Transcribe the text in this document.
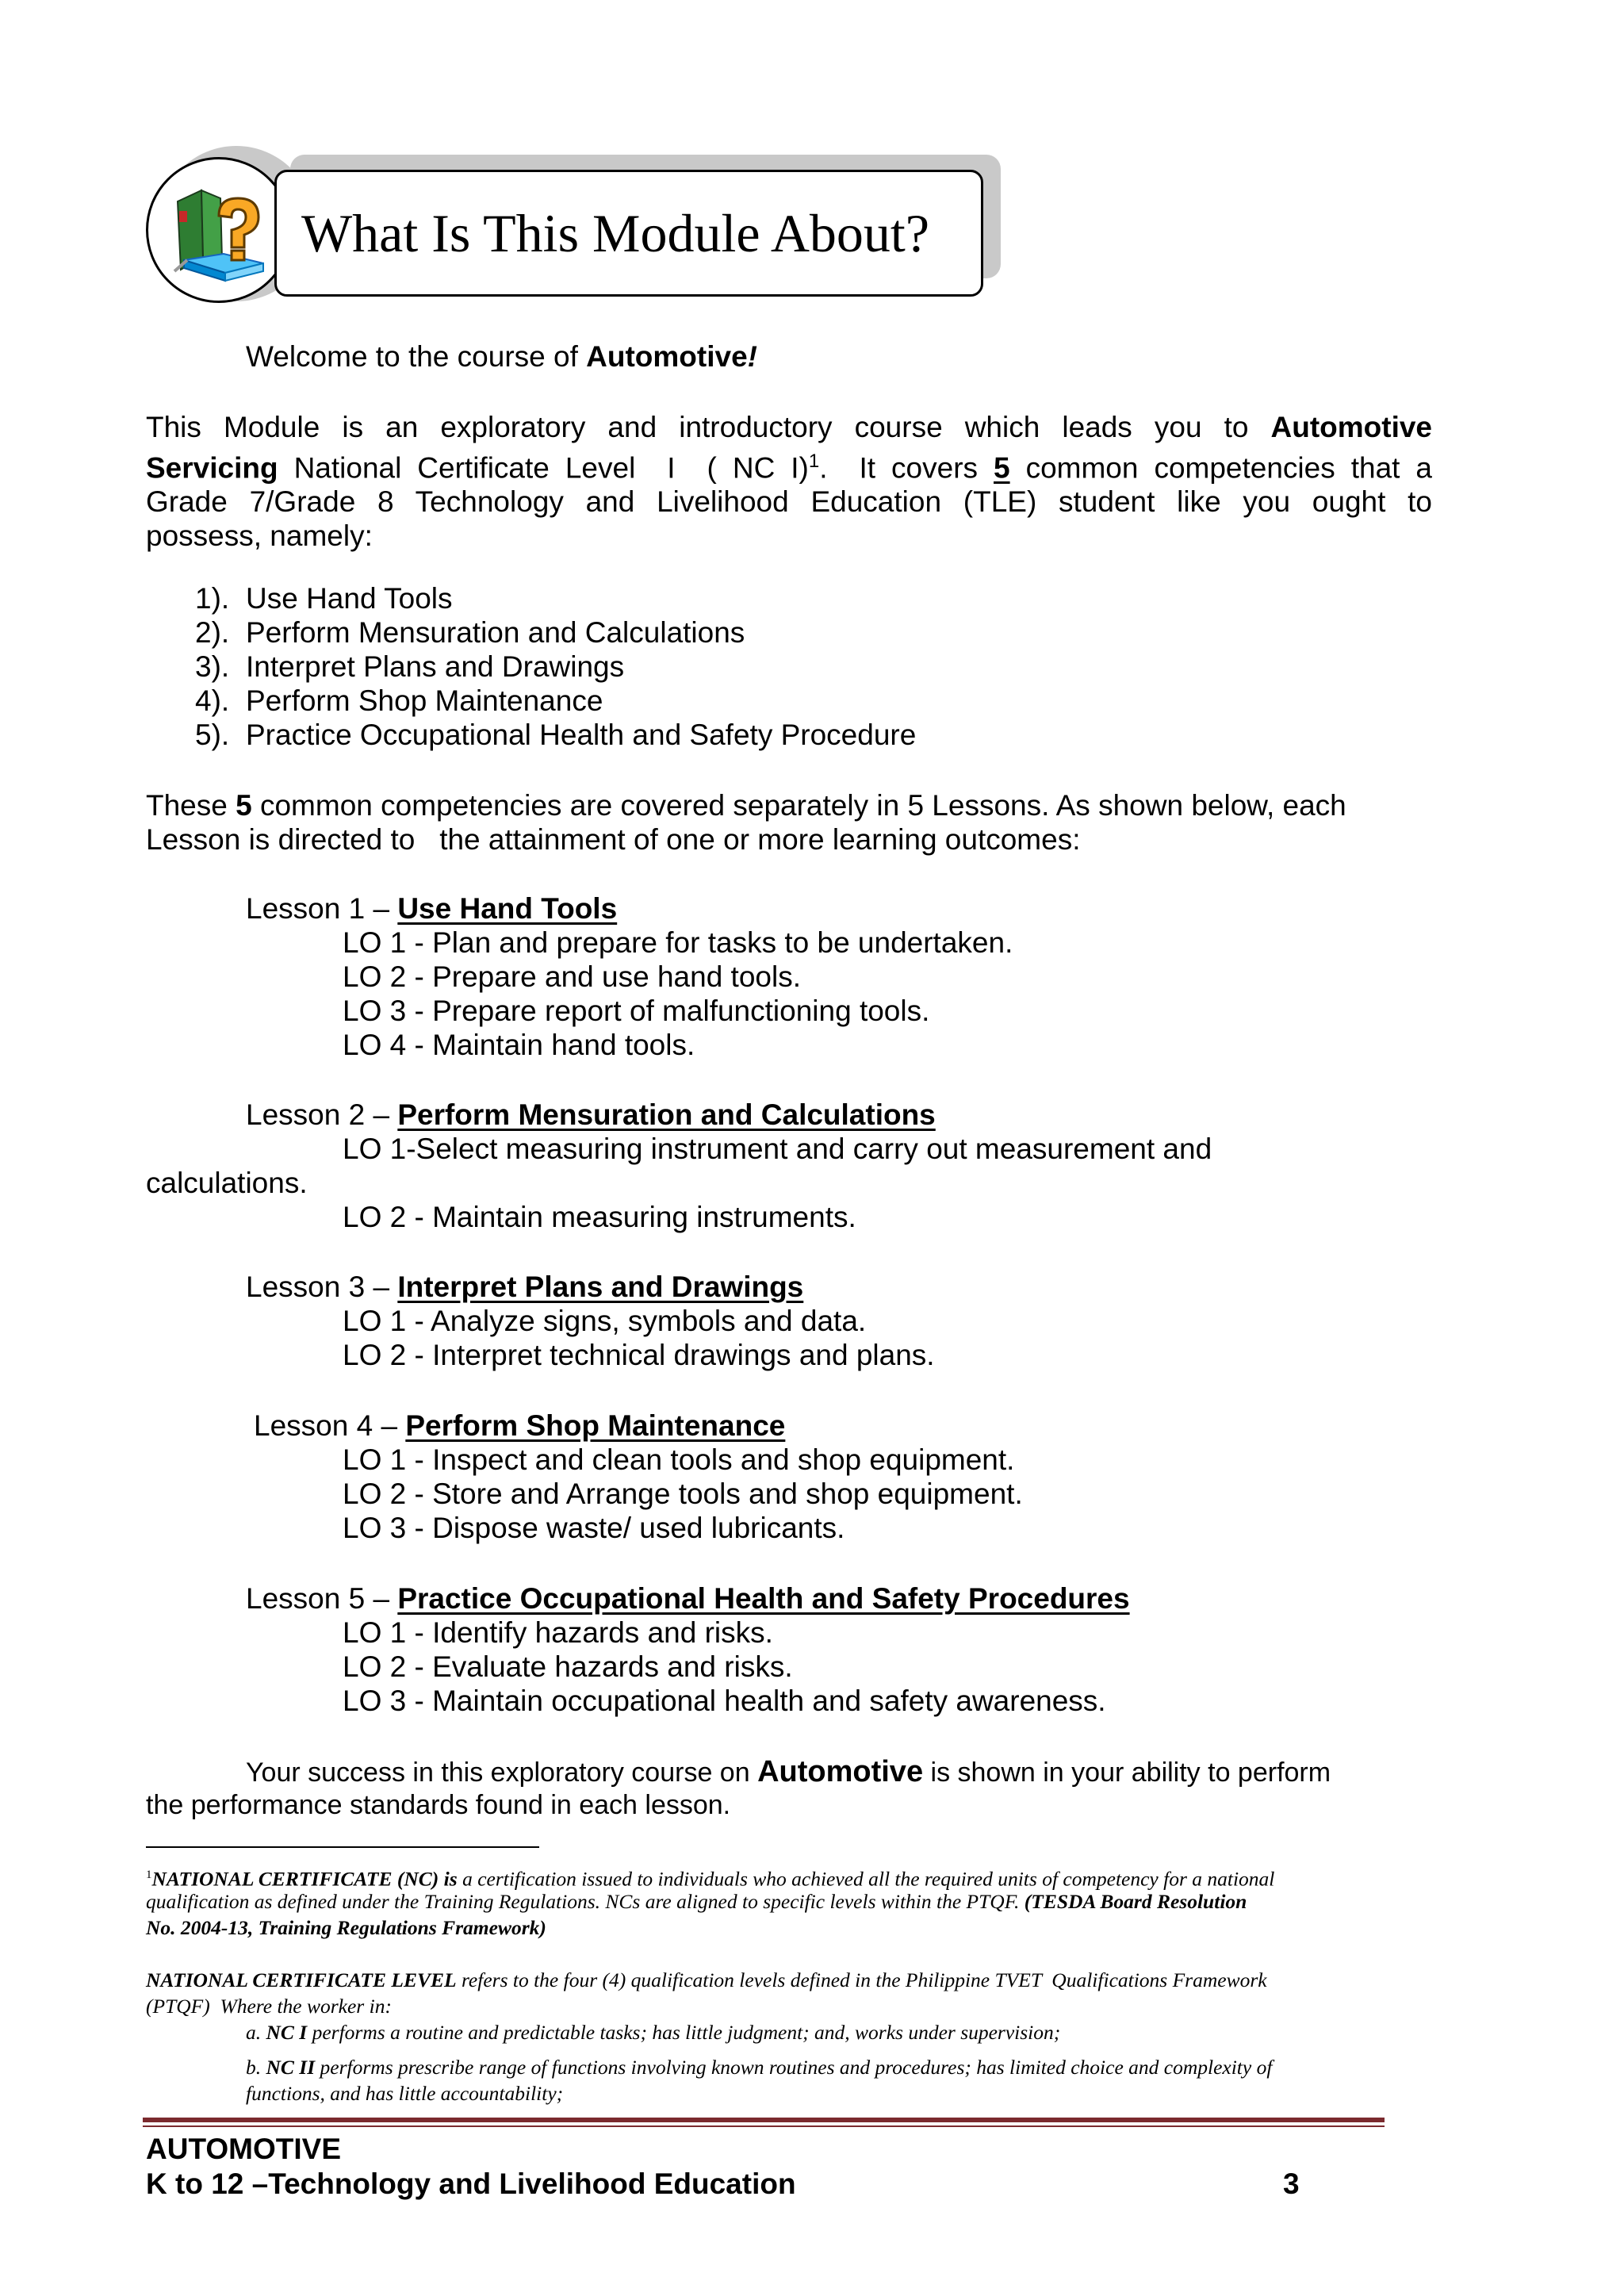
What Is This Module About?
Welcome to the course of Automotive!
This Module is an exploratory and introductory course which leads you to Automotive
Servicing National Certificate Level  I  ( NC I)$^1$.  It covers 5 common competencies that a
Grade 7/Grade 8 Technology and Livelihood Education (TLE) student like you ought to
possess, namely:
1). Use Hand Tools
2). Perform Mensuration and Calculations
3). Interpret Plans and Drawings
4). Perform Shop Maintenance
5). Practice Occupational Health and Safety Procedure
These 5 common competencies are covered separately in 5 Lessons. As shown below, each
Lesson is directed to   the attainment of one or more learning outcomes:
Lesson 1 – Use Hand Tools
LO 1 - Plan and prepare for tasks to be undertaken.
LO 2 - Prepare and use hand tools.
LO 3 - Prepare report of malfunctioning tools.
LO 4 - Maintain hand tools.
Lesson 2 – Perform Mensuration and Calculations
LO 1-Select measuring instrument and carry out measurement and
calculations.
LO 2 - Maintain measuring instruments.
Lesson 3 – Interpret Plans and Drawings
LO 1 - Analyze signs, symbols and data.
LO 2 - Interpret technical drawings and plans.
Lesson 4 – Perform Shop Maintenance
LO 1 - Inspect and clean tools and shop equipment.
LO 2 - Store and Arrange tools and shop equipment.
LO 3 - Dispose waste/ used lubricants.
Lesson 5 – Practice Occupational Health and Safety Procedures
LO 1 - Identify hazards and risks.
LO 2 - Evaluate hazards and risks.
LO 3 - Maintain occupational health and safety awareness.
Your success in this exploratory course on Automotive is shown in your ability to perform
the performance standards found in each lesson.
$^1$NATIONAL CERTIFICATE (NC) is a certification issued to individuals who achieved all the required units of competency for a national
qualification as defined under the Training Regulations. NCs are aligned to specific levels within the PTQF. (TESDA Board Resolution
No. 2004-13, Training Regulations Framework)
NATIONAL CERTIFICATE LEVEL refers to the four (4) qualification levels defined in the Philippine TVET  Qualifications Framework
(PTQF)  Where the worker in:
a. NC I performs a routine and predictable tasks; has little judgment; and, works under supervision;
b. NC II performs prescribe range of functions involving known routines and procedures; has limited choice and complexity of
functions, and has little accountability;
AUTOMOTIVE
K to 12 –Technology and Livelihood Education	3
